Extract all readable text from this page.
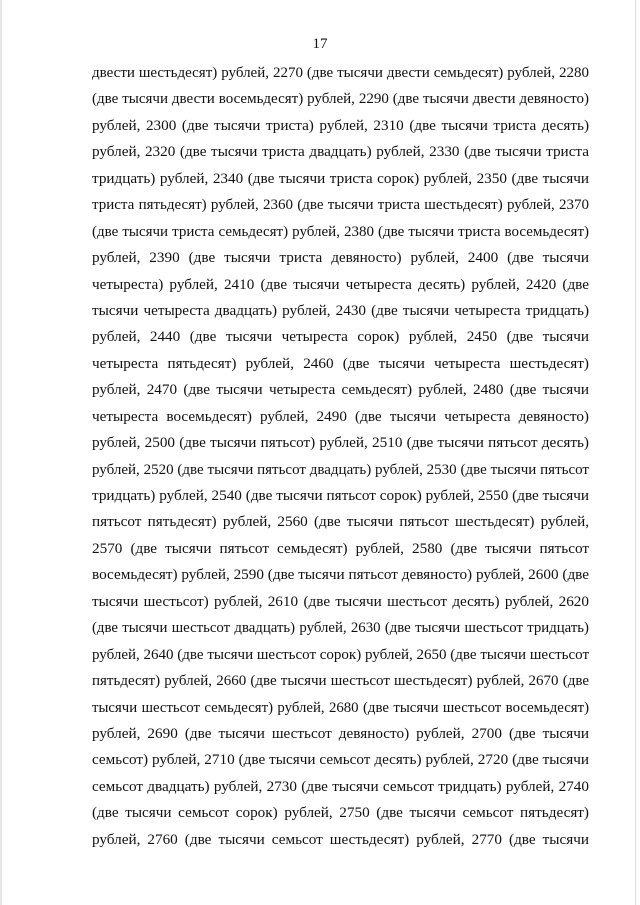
17
двести шестьдесят) рублей, 2270 (две тысячи двести семьдесят) рублей, 2280
(две тысячи двести восемьдесят) рублей, 2290 (две тысячи двести девяносто)
рублей, 2300 (две тысячи триста) рублей, 2310 (две тысячи триста десять)
рублей, 2320 (две тысячи триста двадцать) рублей, 2330 (две тысячи триста
тридцать) рублей, 2340 (две тысячи триста сорок) рублей, 2350 (две тысячи
триста пятьдесят) рублей, 2360 (две тысячи триста шестьдесят) рублей, 2370
(две тысячи триста семьдесят) рублей, 2380 (две тысячи триста восемьдесят)
рублей, 2390 (две тысячи триста девяносто) рублей, 2400 (две тысячи
четыреста) рублей, 2410 (две тысячи четыреста десять) рублей, 2420 (две
тысячи четыреста двадцать) рублей, 2430 (две тысячи четыреста тридцать)
рублей, 2440 (две тысячи четыреста сорок) рублей, 2450 (две тысячи
четыреста пятьдесят) рублей, 2460 (две тысячи четыреста шестьдесят)
рублей, 2470 (две тысячи четыреста семьдесят) рублей, 2480 (две тысячи
четыреста восемьдесят) рублей, 2490 (две тысячи четыреста девяносто)
рублей, 2500 (две тысячи пятьсот) рублей, 2510 (две тысячи пятьсот десять)
рублей, 2520 (две тысячи пятьсот двадцать) рублей, 2530 (две тысячи пятьсот
тридцать) рублей, 2540 (две тысячи пятьсот сорок) рублей, 2550 (две тысячи
пятьсот пятьдесят) рублей, 2560 (две тысячи пятьсот шестьдесят) рублей,
2570 (две тысячи пятьсот семьдесят) рублей, 2580 (две тысячи пятьсот
восемьдесят) рублей, 2590 (две тысячи пятьсот девяносто) рублей, 2600 (две
тысячи шестьсот) рублей, 2610 (две тысячи шестьсот десять) рублей, 2620
(две тысячи шестьсот двадцать) рублей, 2630 (две тысячи шестьсот тридцать)
рублей, 2640 (две тысячи шестьсот сорок) рублей, 2650 (две тысячи шестьсот
пятьдесят) рублей, 2660 (две тысячи шестьсот шестьдесят) рублей, 2670 (две
тысячи шестьсот семьдесят) рублей, 2680 (две тысячи шестьсот восемьдесят)
рублей, 2690 (две тысячи шестьсот девяносто) рублей, 2700 (две тысячи
семьсот) рублей, 2710 (две тысячи семьсот десять) рублей, 2720 (две тысячи
семьсот двадцать) рублей, 2730 (две тысячи семьсот тридцать) рублей, 2740
(две тысячи семьсот сорок) рублей, 2750 (две тысячи семьсот пятьдесят)
рублей, 2760 (две тысячи семьсот шестьдесят) рублей, 2770 (две тысячи
